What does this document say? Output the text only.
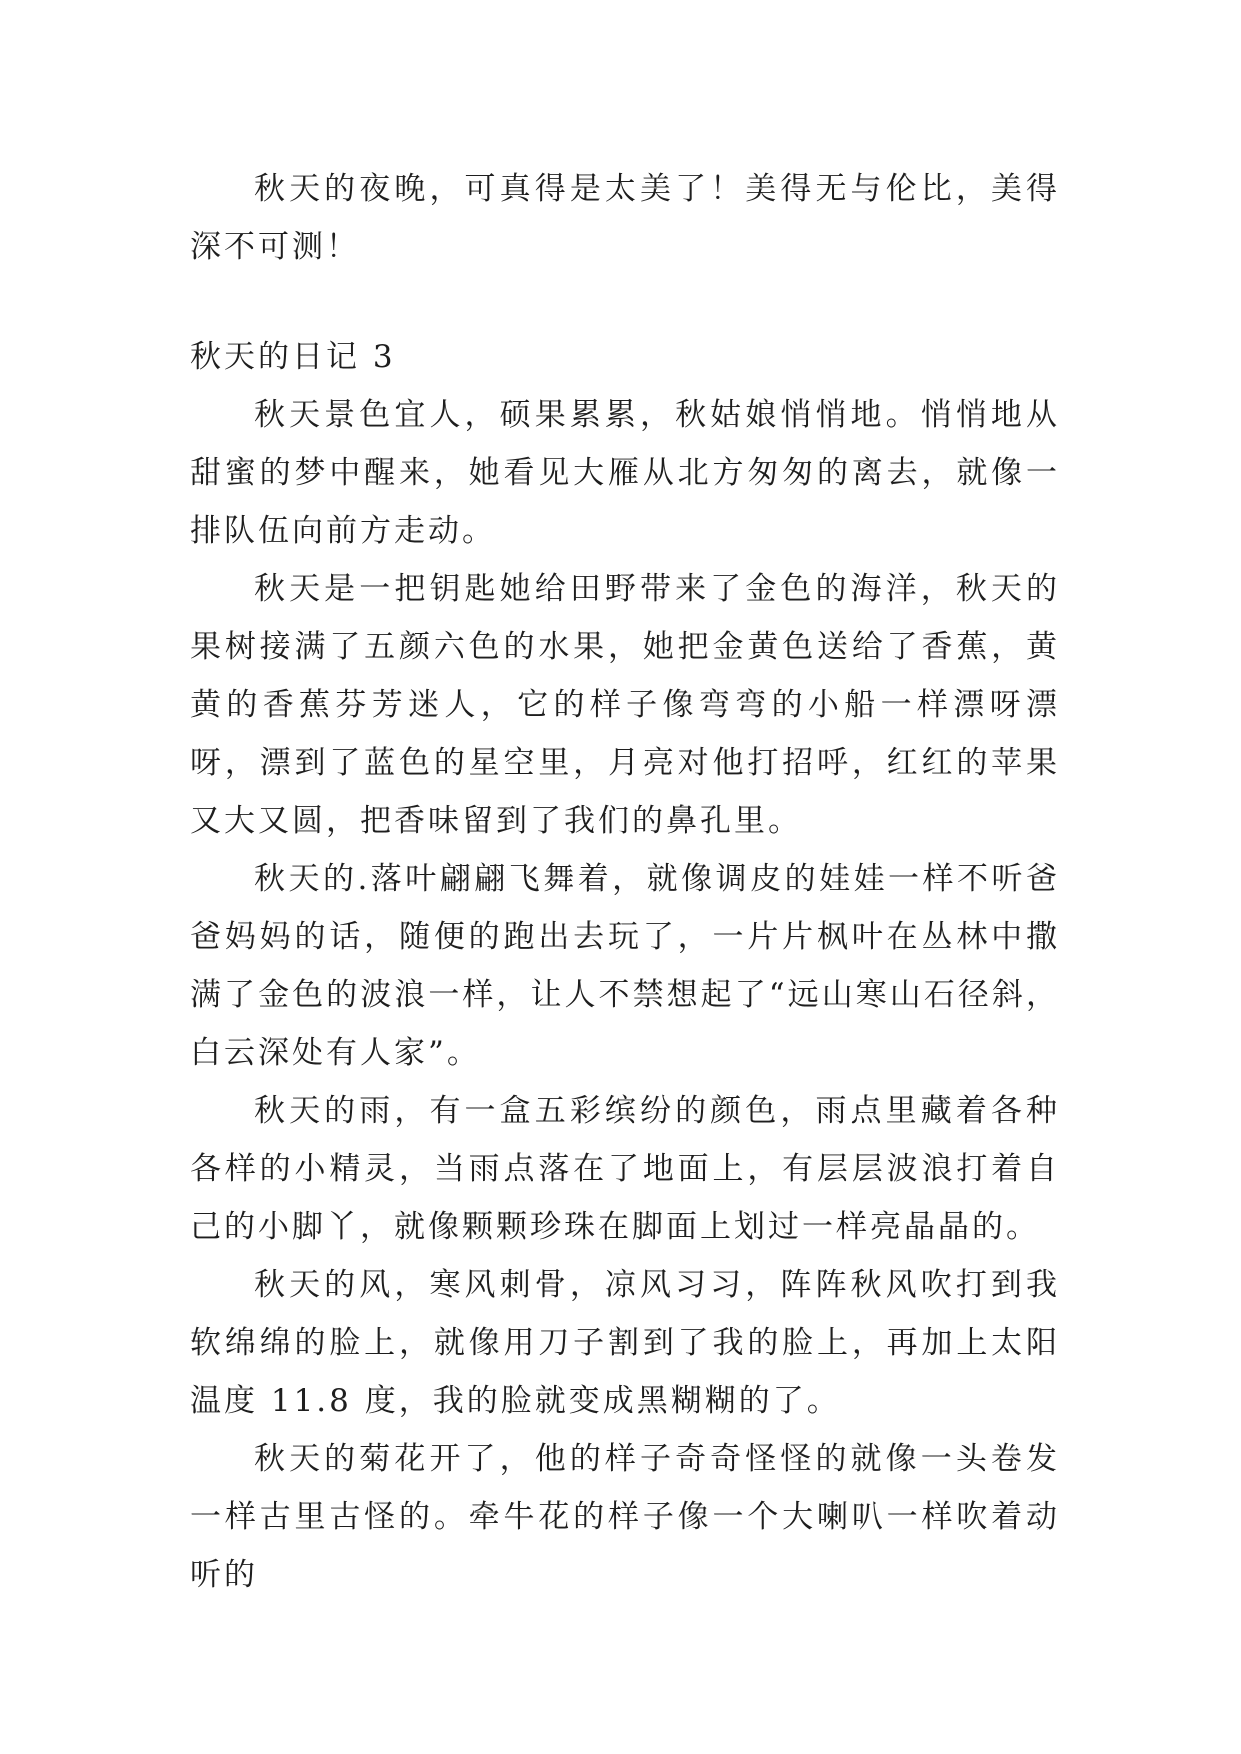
秋天的夜晚，可真得是太美了！美得无与伦比，美得深不可测！

秋天的日记 3

秋天景色宜人，硕果累累，秋姑娘悄悄地。悄悄地从甜蜜的梦中醒来，她看见大雁从北方匆匆的离去，就像一排队伍向前方走动。

秋天是一把钥匙她给田野带来了金色的海洋，秋天的果树接满了五颜六色的水果，她把金黄色送给了香蕉，黄黄的香蕉芬芳迷人，它的样子像弯弯的小船一样漂呀漂呀，漂到了蓝色的星空里，月亮对他打招呼，红红的苹果又大又圆，把香味留到了我们的鼻孔里。

秋天的.落叶翩翩飞舞着，就像调皮的娃娃一样不听爸爸妈妈的话，随便的跑出去玩了，一片片枫叶在丛林中撒满了金色的波浪一样，让人不禁想起了“远山寒山石径斜，白云深处有人家”。

秋天的雨，有一盒五彩缤纷的颜色，雨点里藏着各种各样的小精灵，当雨点落在了地面上，有层层波浪打着自己的小脚丫，就像颗颗珍珠在脚面上划过一样亮晶晶的。

秋天的风，寒风刺骨，凉风习习，阵阵秋风吹打到我软绵绵的脸上，就像用刀子割到了我的脸上，再加上太阳温度 11.8 度，我的脸就变成黑糊糊的了。

秋天的菊花开了，他的样子奇奇怪怪的就像一头卷发一样古里古怪的。牵牛花的样子像一个大喇叭一样吹着动听的
